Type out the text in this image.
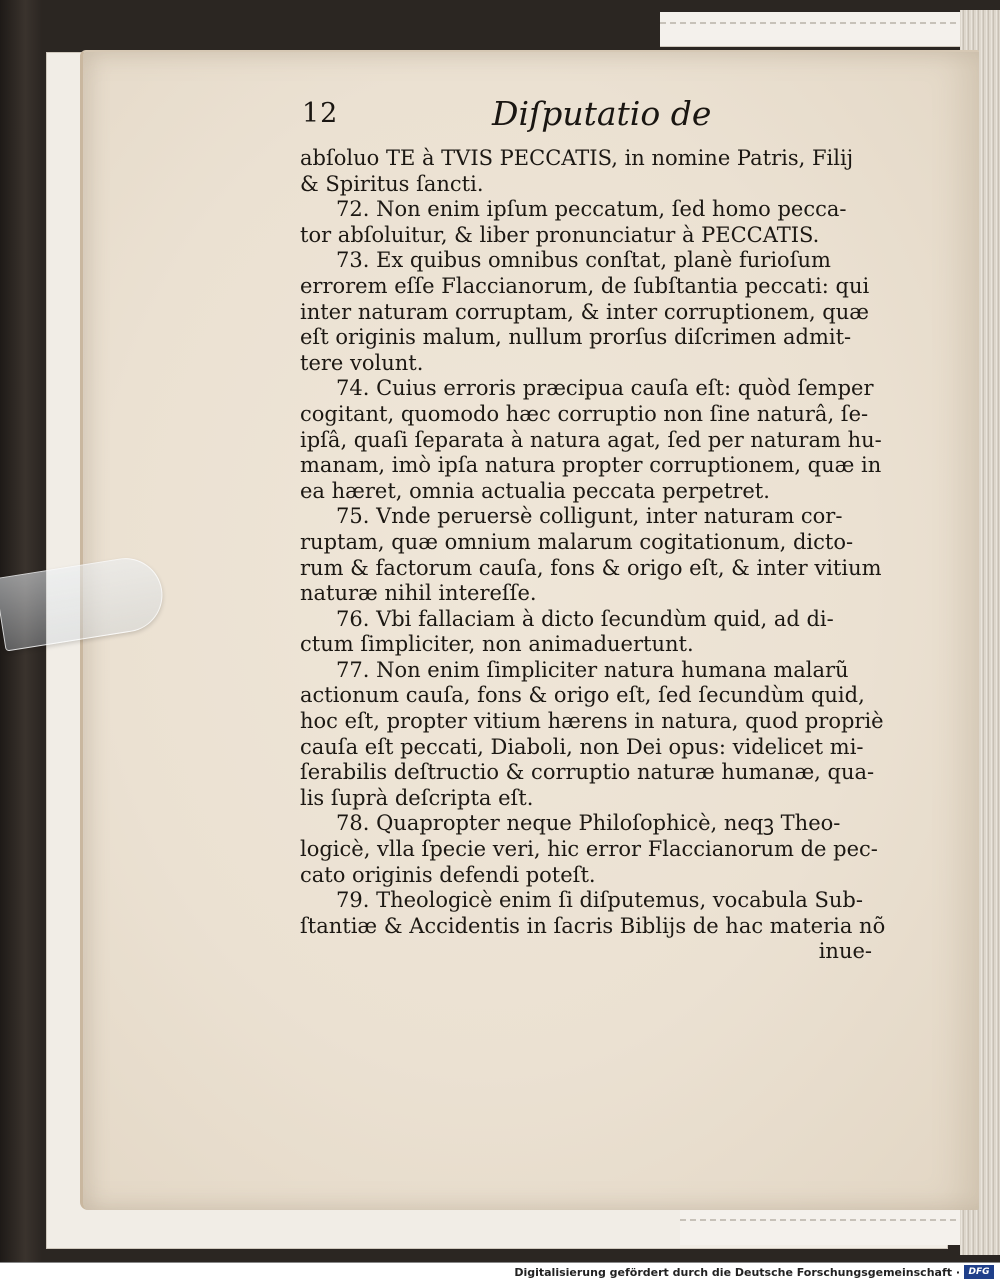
12	Diſputatio de
abſoluo TE à TVIS PECCATIS, in nomine Patris, Filij
& Spiritus ſancti.
72. Non enim ipſum peccatum, ſed homo pecca‑
tor abſoluitur, & liber pronunciatur à PECCATIS.
73. Ex quibus omnibus conſtat, planè furioſum
errorem eſſe Flaccianorum, de ſubſtantia peccati: qui
inter naturam corruptam, & inter corruptionem, quæ
eſt originis malum, nullum prorſus diſcrimen admit‑
tere volunt.
74. Cuius erroris præcipua cauſa eſt: quòd ſemper
cogitant, quomodo hæc corruptio non ſine naturâ, ſe‑
ipſâ, quaſi ſeparata à natura agat, ſed per naturam hu‑
manam, imò ipſa natura propter corruptionem, quæ in
ea hæret, omnia actualia peccata perpetret.
75. Vnde peruersè colligunt, inter naturam cor‑
ruptam, quæ omnium malarum cogitationum, dicto‑
rum & factorum cauſa, fons & origo eſt, & inter vitium
naturæ nihil intereſſe.
76. Vbi fallaciam à dicto ſecundùm quid, ad di‑
ctum ſimpliciter, non animaduertunt.
77. Non enim ſimpliciter natura humana malarũ
actionum cauſa, fons & origo eſt, ſed ſecundùm quid,
hoc eſt, propter vitium hærens in natura, quod propriè
cauſa eſt peccati, Diaboli, non Dei opus: videlicet mi‑
ſerabilis deſtructio & corruptio naturæ humanæ, qua‑
lis ſuprà deſcripta eſt.
78. Quapropter neque Philoſophicè, neqꝫ Theo‑
logicè, vlla ſpecie veri, hic error Flaccianorum de pec‑
cato originis defendi poteſt.
79. Theologicè enim ſi diſputemus, vocabula Sub‑
ſtantiæ & Accidentis in ſacris Biblijs de hac materia nõ
inue‑
Digitalisierung gefördert durch die Deutsche Forschungsgemeinschaft · DFG
